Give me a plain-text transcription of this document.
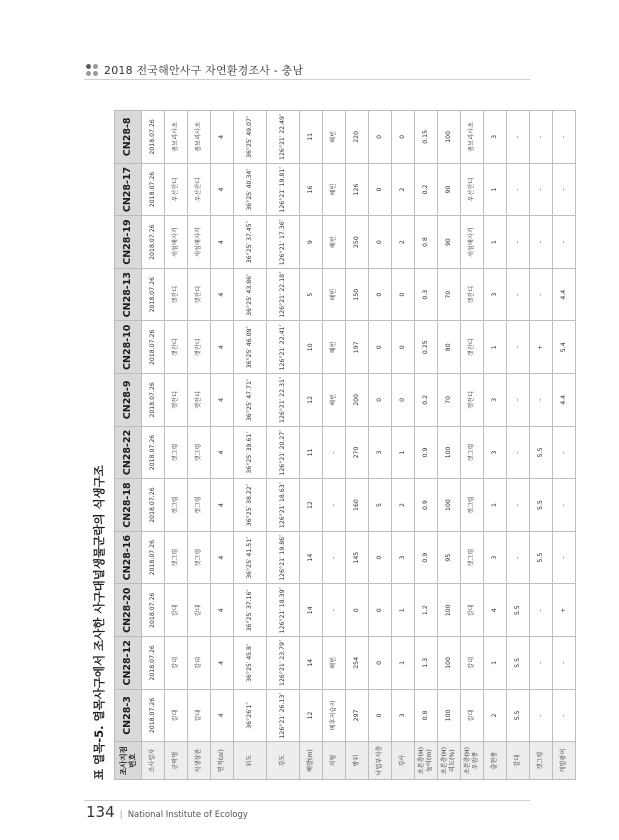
2018 전국해안사구 자연환경조사 - 충남
표 열목-5. 열목사구에서 조사한 사구대널생물군락의 식생구조 조사지점 번호	CN28-3	CN28-12	CN28-20	CN28-16	CN28-18	CN28-22	CN28-9	CN28-10	CN28-13	CN28-19	CN28-17	CN28-8
조사일자	2018.07.26	2018.07.26	2018.07.26	2018.07.26	2018.07.26	2018.07.26	2018.07.26	2018.07.26	2018.07.26	2018.07.26	2018.07.26	2018.07.26
군락명	갈대	갈대	갈대	갯그령	갯그령	갯그령	갯잔디	갯잔디	갯잔디	새섬매자기	우산잔디	좀보리사초
식생상관	갈대	갈대	갈대	갯그령	갯그령	갯그령	갯잔디	갯잔디	갯잔디	새섬매자기	우산잔디	좀보리사초
면적(㎡)	4	4	4	4	4	4	4	4	4	4	4	4
위도	36°26′1″	36°25′ 45.8″	36°25′ 37.16″	36°25′ 41.51″	36°25′ 38.22″	36°25′ 39.61″	36°25′ 47.71″	36°25′ 46.08″	36°25′ 43.86″	36°25′ 37.45″	36°25′ 40.34″	36°25′ 49.07″
경도	126°21′ 26.13″	126°21′ 23.79″	126°21′ 18.39″	126°21′ 19.86″	126°21′ 18.63″	126°21′ 20.27″	126°21′ 22.31″	126°21′ 22.41″	126°21′ 22.18″	126°21′ 17.36″	126°21′ 19.81″	126°21′ 22.49″
해발(m)	12	14	14	14	12	11	12	10	5	9	16	11
지형	배후저습지	해빈	-	-	-	-	해빈	해빈	해빈	해빈	해빈	해빈
방위	297	254	0	145	160	270	200	197	150	250	126	220
낙엽부식층	0	0	0	0	5	3	0	0	0	0	0	0
경사	3	1	1	3	2	1	0	0	0	2	2	0
초본층(H) 높이(m)	0.8	1.3	1.2	0.9	0.9	0.9	0.2	0.25	0.3	0.8	0.2	0.15
초본층(H) 피도(%)	100	100	100	95	100	100	70	80	70	90	90	100
초본층(H) 우점종	갈대	갈대	갈대	갯그령	갯그령	갯그령	갯잔디	갯잔디	갯잔디	새섬매자기	우산잔디	좀보리사초
출현종	2	1	4	3	1	3	3	1	3	1	1	3
갈대	5.5	5.5	5.5	-	-	-	-	-	-	-	-	-
갯그령	-	-	-	5.5	5.5	5.5	-	+	-	-	-	-
개밀광이	-	-	+	-	-	-	4.4	5.4	4.4	-	-	-
134 | National Institute of Ecology
